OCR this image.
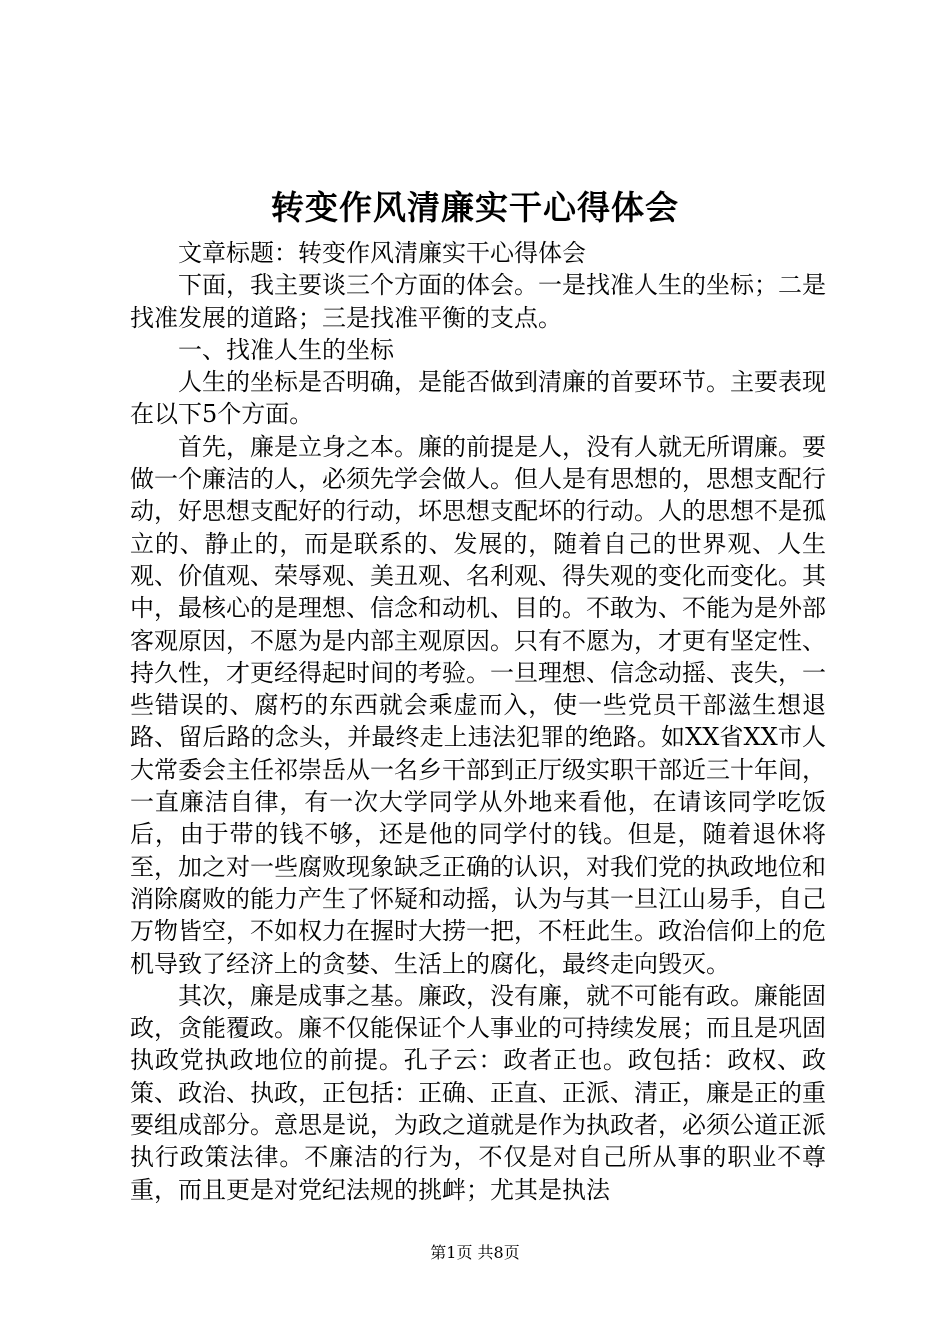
转变作风清廉实干心得体会

文章标题：转变作风清廉实干心得体会

下面，我主要谈三个方面的体会。一是找准人生的坐标；二是找准发展的道路；三是找准平衡的支点。

一、找准人生的坐标

人生的坐标是否明确，是能否做到清廉的首要环节。主要表现在以下5个方面。

首先，廉是立身之本。廉的前提是人，没有人就无所谓廉。要做一个廉洁的人，必须先学会做人。但人是有思想的，思想支配行动，好思想支配好的行动，坏思想支配坏的行动。人的思想不是孤立的、静止的，而是联系的、发展的，随着自己的世界观、人生观、价值观、荣辱观、美丑观、名利观、得失观的变化而变化。其中，最核心的是理想、信念和动机、目的。不敢为、不能为是外部客观原因，不愿为是内部主观原因。只有不愿为，才更有坚定性、持久性，才更经得起时间的考验。一旦理想、信念动摇、丧失，一些错误的、腐朽的东西就会乘虚而入，使一些党员干部滋生想退路、留后路的念头，并最终走上违法犯罪的绝路。如XX省XX市人大常委会主任祁崇岳从一名乡干部到正厅级实职干部近三十年间，一直廉洁自律，有一次大学同学从外地来看他，在请该同学吃饭后，由于带的钱不够，还是他的同学付的钱。但是，随着退休将至，加之对一些腐败现象缺乏正确的认识，对我们党的执政地位和消除腐败的能力产生了怀疑和动摇，认为与其一旦江山易手，自己万物皆空，不如权力在握时大捞一把，不枉此生。政治信仰上的危机导致了经济上的贪婪、生活上的腐化，最终走向毁灭。

其次，廉是成事之基。廉政，没有廉，就不可能有政。廉能固政，贪能覆政。廉不仅能保证个人事业的可持续发展；而且是巩固执政党执政地位的前提。孔子云：政者正也。政包括：政权、政策、政治、执政，正包括：正确、正直、正派、清正，廉是正的重要组成部分。意思是说，为政之道就是作为执政者，必须公道正派执行政策法律。不廉洁的行为，不仅是对自己所从事的职业不尊重，而且更是对党纪法规的挑衅；尤其是执法

第1页 共8页
